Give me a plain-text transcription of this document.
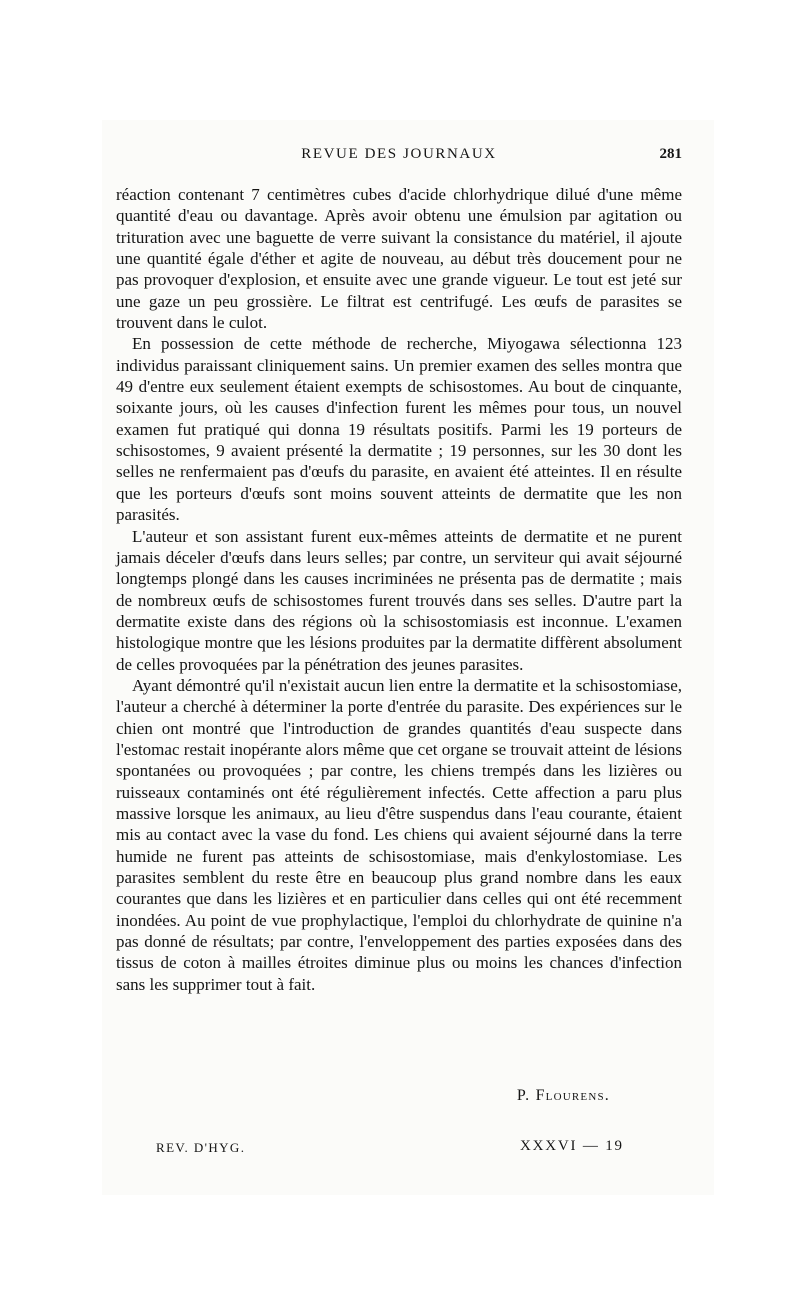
REVUE DES JOURNAUX	281

réaction contenant 7 centimètres cubes d'acide chlorhydrique dilué d'une même quantité d'eau ou davantage. Après avoir obtenu une émulsion par agitation ou trituration avec une baguette de verre suivant la consistance du matériel, il ajoute une quantité égale d'éther et agite de nouveau, au début très doucement pour ne pas provoquer d'explosion, et ensuite avec une grande vigueur. Le tout est jeté sur une gaze un peu grossière. Le filtrat est centrifugé. Les œufs de parasites se trouvent dans le culot.

En possession de cette méthode de recherche, Miyogawa sélectionna 123 individus paraissant cliniquement sains. Un premier examen des selles montra que 49 d'entre eux seulement étaient exempts de schisostomes. Au bout de cinquante, soixante jours, où les causes d'infection furent les mêmes pour tous, un nouvel examen fut pratiqué qui donna 19 résultats positifs. Parmi les 19 porteurs de schisostomes, 9 avaient présenté la dermatite ; 19 personnes, sur les 30 dont les selles ne renfermaient pas d'œufs du parasite, en avaient été atteintes. Il en résulte que les porteurs d'œufs sont moins souvent atteints de dermatite que les non parasités.

L'auteur et son assistant furent eux-mêmes atteints de dermatite et ne purent jamais déceler d'œufs dans leurs selles; par contre, un serviteur qui avait séjourné longtemps plongé dans les causes incriminées ne présenta pas de dermatite ; mais de nombreux œufs de schisostomes furent trouvés dans ses selles. D'autre part la dermatite existe dans des régions où la schisostomiasis est inconnue. L'examen histologique montre que les lésions produites par la dermatite diffèrent absolument de celles provoquées par la pénétration des jeunes parasites.

Ayant démontré qu'il n'existait aucun lien entre la dermatite et la schisostomiase, l'auteur a cherché à déterminer la porte d'entrée du parasite. Des expériences sur le chien ont montré que l'introduction de grandes quantités d'eau suspecte dans l'estomac restait inopérante alors même que cet organe se trouvait atteint de lésions spontanées ou provoquées ; par contre, les chiens trempés dans les lizières ou ruisseaux contaminés ont été régulièrement infectés. Cette affection a paru plus massive lorsque les animaux, au lieu d'être suspendus dans l'eau courante, étaient mis au contact avec la vase du fond. Les chiens qui avaient séjourné dans la terre humide ne furent pas atteints de schisostomiase, mais d'enkylostomiase. Les parasites semblent du reste être en beaucoup plus grand nombre dans les eaux courantes que dans les lizières et en particulier dans celles qui ont été recemment inondées. Au point de vue prophylactique, l'emploi du chlorhydrate de quinine n'a pas donné de résultats; par contre, l'enveloppement des parties exposées dans des tissus de coton à mailles étroites diminue plus ou moins les chances d'infection sans les supprimer tout à fait.

P. Flourens.
REV. D'HYG.	XXXVI — 19
